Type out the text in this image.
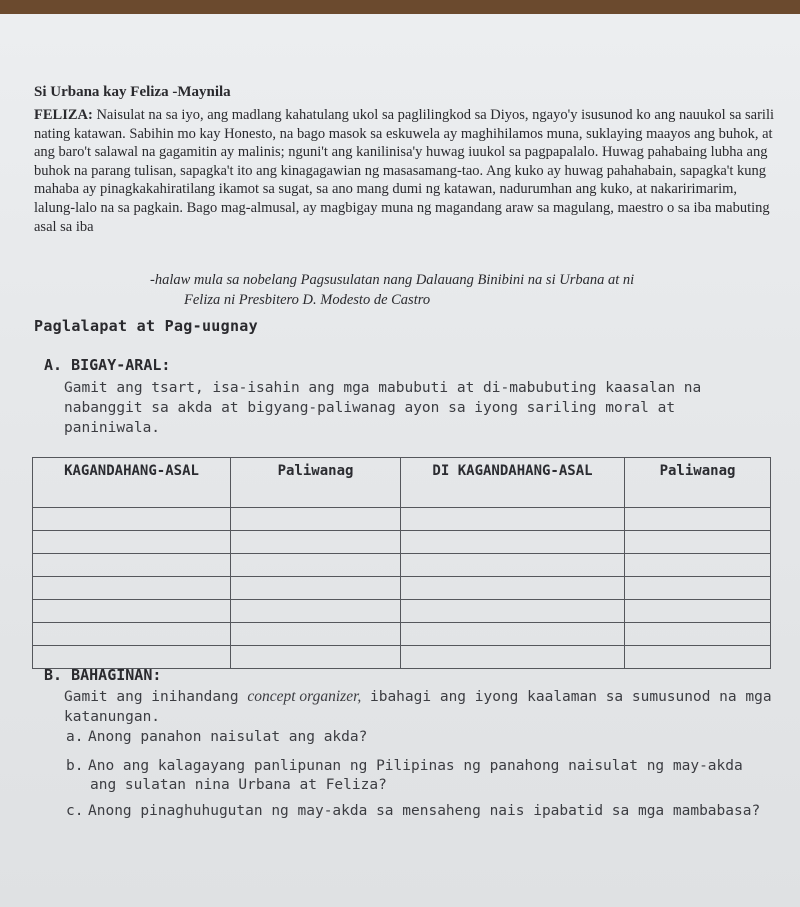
Si Urbana kay Feliza -Maynila
FELIZA: Naisulat na sa iyo, ang madlang kahatulang ukol sa paglilingkod sa Diyos, ngayo'y isusunod ko ang nauukol sa sarili nating katawan. Sabihin mo kay Honesto, na bago masok sa eskuwela ay maghihilamos muna, suklaying maayos ang buhok, at ang baro't salawal na gagamitin ay malinis; nguni't ang kanilinisa'y huwag iuukol sa pagpapalalo. Huwag pahabaing lubha ang buhok na parang tulisan, sapagka't ito ang kinagagawian ng masasamang-tao. Ang kuko ay huwag pahahabain, sapagka't kung mahaba ay pinagkakahiratilang ikamot sa sugat, sa ano mang dumi ng katawan, nadurumhan ang kuko, at nakaririmarim, lalung-lalo na sa pagkain. Bago mag-almusal, ay magbigay muna ng magandang araw sa magulang, maestro o sa iba mabuting asal sa iba
-halaw mula sa nobelang Pagsusulatan nang Dalauang Binibini na si Urbana at ni
Feliza ni Presbitero D. Modesto de Castro
Paglalapat at Pag-uugnay
A. BIGAY-ARAL:
Gamit ang tsart, isa-isahin ang mga mabubuti at di-mabubuting kaasalan na nabanggit sa akda at bigyang-paliwanag ayon sa iyong sariling moral at paniniwala.
KAGANDAHANG-ASAL	Paliwanag	DI KAGANDAHANG-ASAL	Paliwanag

B. BAHAGINAN:
Gamit ang inihandang concept organizer, ibahagi ang iyong kaalaman sa sumusunod na mga katanungan.
a. Anong panahon naisulat ang akda?
b. Ano ang kalagayang panlipunan ng Pilipinas ng panahong naisulat ng may-akda ang sulatan nina Urbana at Feliza?
c. Anong pinaghuhugutan ng may-akda sa mensaheng nais ipabatid sa mga mambabasa?
